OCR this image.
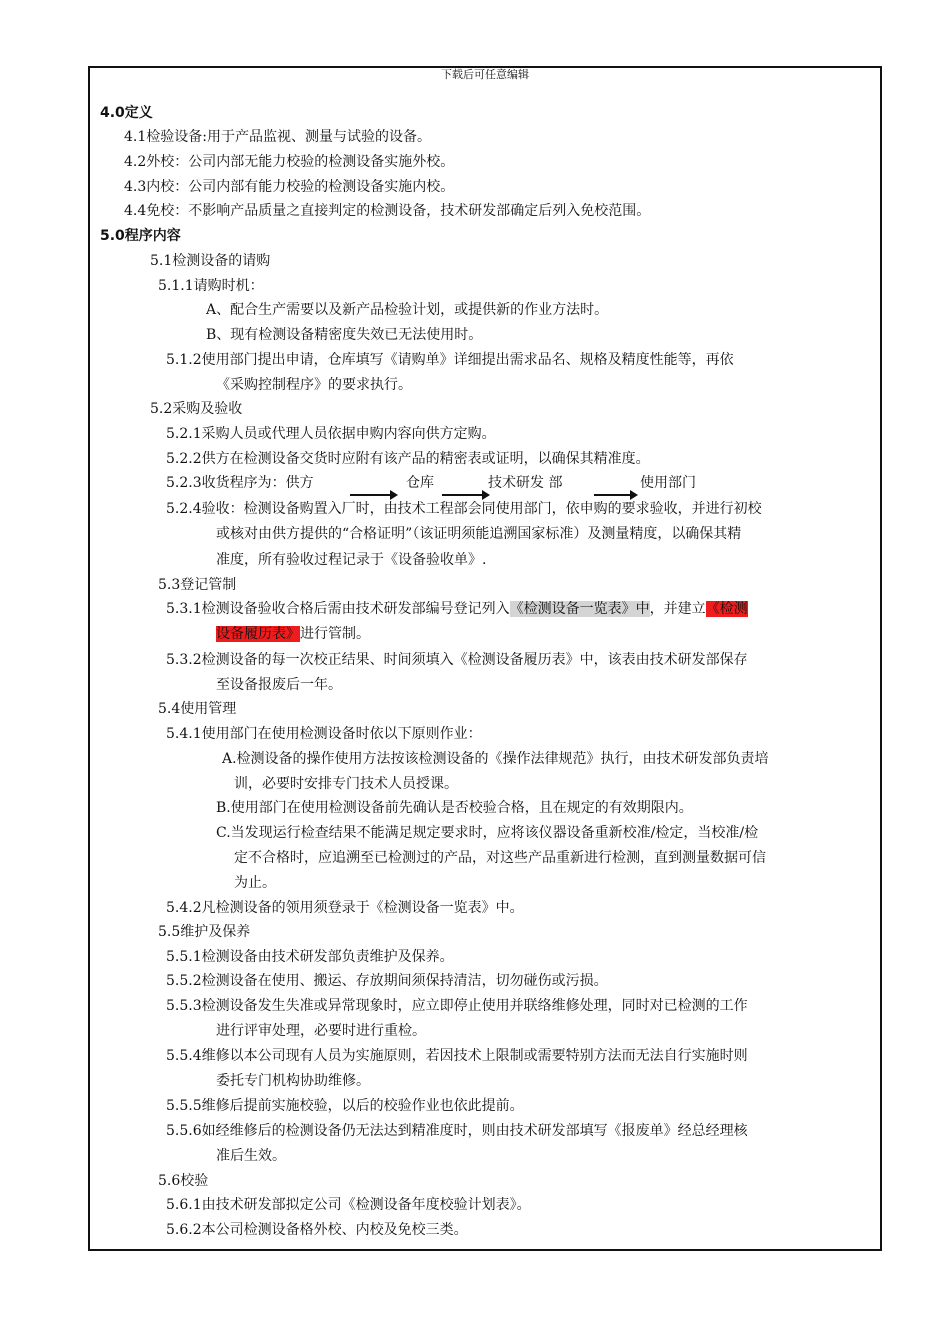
下载后可任意编辑
4.0定义
4.1检验设备:用于产品监视、测量与试验的设备。
4.2外校：公司内部无能力校验的检测设备实施外校。
4.3内校：公司内部有能力校验的检测设备实施内校。
4.4免校：不影响产品质量之直接判定的检测设备，技术研发部确定后列入免校范围。
5.0程序内容
5.1检测设备的请购
5.1.1请购时机：
A、配合生产需要以及新产品检验计划，或提供新的作业方法时。
B、现有检测设备精密度失效已无法使用时。
5.1.2使用部门提出申请，仓库填写《请购单》详细提出需求品名、规格及精度性能等，再依
《采购控制程序》的要求执行。
5.2采购及验收
5.2.1采购人员或代理人员依据申购内容向供方定购。
5.2.2供方在检测设备交货时应附有该产品的精密表或证明，以确保其精准度。
5.2.3收货程序为：供方	仓库	技术研发 部	使用部门
5.2.4验收：检测设备购置入厂时，由技术工程部会同使用部门，依申购的要求验收，并进行初校
或核对由供方提供的“合格证明”（该证明须能追溯国家标准）及测量精度，以确保其精
准度，所有验收过程记录于《设备验收单》.
5.3登记管制
5.3.1检测设备验收合格后需由技术研发部编号登记列入《检测设备一览表》中，并建立《检测
设备履历表》进行管制。
5.3.2检测设备的每一次校正结果、时间须填入《检测设备履历表》中，该表由技术研发部保存
至设备报废后一年。
5.4使用管理
5.4.1使用部门在使用检测设备时依以下原则作业：
A.检测设备的操作使用方法按该检测设备的《操作法律规范》执行，由技术研发部负责培
训，必要时安排专门技术人员授课。
B.使用部门在使用检测设备前先确认是否校验合格，且在规定的有效期限内。
C.当发现运行检查结果不能满足规定要求时，应将该仪器设备重新校准/检定，当校准/检
定不合格时，应追溯至已检测过的产品，对这些产品重新进行检测，直到测量数据可信
为止。
5.4.2凡检测设备的领用须登录于《检测设备一览表》中。
5.5维护及保养
5.5.1检测设备由技术研发部负责维护及保养。
5.5.2检测设备在使用、搬运、存放期间须保持清洁，切勿碰伤或污损。
5.5.3检测设备发生失准或异常现象时，应立即停止使用并联络维修处理，同时对已检测的工作
进行评审处理，必要时进行重检。
5.5.4维修以本公司现有人员为实施原则，若因技术上限制或需要特别方法而无法自行实施时则
委托专门机构协助维修。
5.5.5维修后提前实施校验，以后的校验作业也依此提前。
5.5.6如经维修后的检测设备仍无法达到精准度时，则由技术研发部填写《报废单》经总经理核
准后生效。
5.6校验
5.6.1由技术研发部拟定公司《检测设备年度校验计划表》。
5.6.2本公司检测设备格外校、内校及免校三类。
